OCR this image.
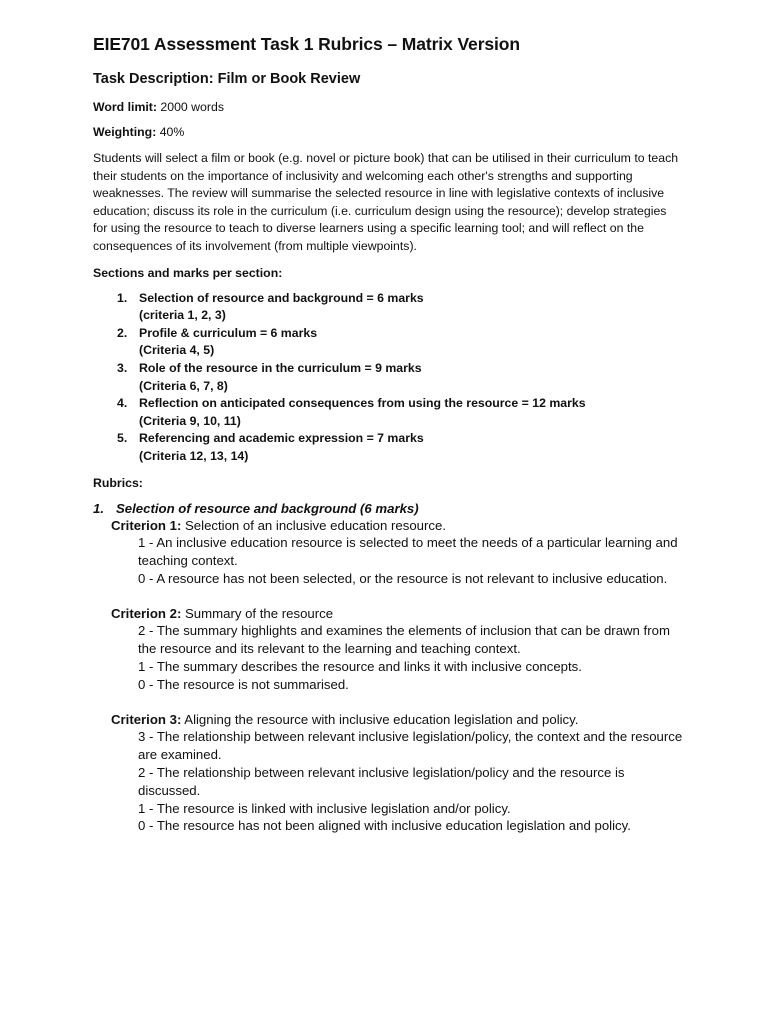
EIE701 Assessment Task 1 Rubrics – Matrix Version
Task Description: Film or Book Review

Word limit: 2000 words

Weighting: 40%

Students will select a film or book (e.g. novel or picture book) that can be utilised in their curriculum to teach their students on the importance of inclusivity and welcoming each other's strengths and supporting weaknesses. The review will summarise the selected resource in line with legislative contexts of inclusive education; discuss its role in the curriculum (i.e. curriculum design using the resource); develop strategies for using the resource to teach to diverse learners using a specific learning tool; and will reflect on the consequences of its involvement (from multiple viewpoints).

Sections and marks per section:

1. Selection of resource and background = 6 marks
(criteria 1, 2, 3)
2. Profile & curriculum = 6 marks
(Criteria 4, 5)
3. Role of the resource in the curriculum = 9 marks
(Criteria 6, 7, 8)
4. Reflection on anticipated consequences from using the resource = 12 marks
(Criteria 9, 10, 11)
5. Referencing and academic expression = 7 marks
(Criteria 12, 13, 14)

Rubrics:

1. Selection of resource and background (6 marks)

Criterion 1: Selection of an inclusive education resource.
1 - An inclusive education resource is selected to meet the needs of a particular learning and teaching context.
0 - A resource has not been selected, or the resource is not relevant to inclusive education.
Criterion 2: Summary of the resource
2 - The summary highlights and examines the elements of inclusion that can be drawn from the resource and its relevant to the learning and teaching context.
1 - The summary describes the resource and links it with inclusive concepts.
0 - The resource is not summarised.
Criterion 3: Aligning the resource with inclusive education legislation and policy.
3 - The relationship between relevant inclusive legislation/policy, the context and the resource are examined.
2 - The relationship between relevant inclusive legislation/policy and the resource is discussed.
1 - The resource is linked with inclusive legislation and/or policy.
0 - The resource has not been aligned with inclusive education legislation and policy.
